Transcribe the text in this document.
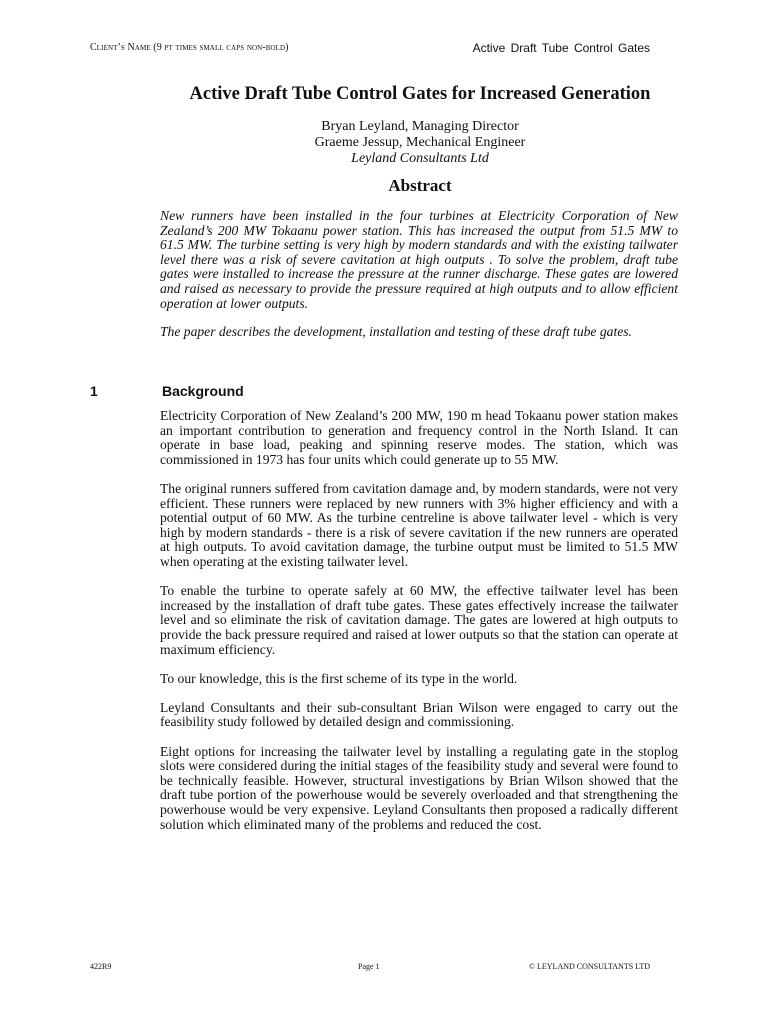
Client’s Name (9 pt times small caps non-bold)	Active Draft Tube Control Gates
Active Draft Tube Control Gates for Increased Generation
Bryan Leyland, Managing Director
Graeme Jessup, Mechanical Engineer
Leyland Consultants Ltd
Abstract

New runners have been installed in the four turbines at Electricity Corporation of New Zealand’s 200 MW Tokaanu power station. This has increased the output from 51.5 MW to 61.5 MW. The turbine setting is very high by modern standards and with the existing tailwater level there was a risk of severe cavitation at high outputs . To solve the problem, draft tube gates were installed to increase the pressure at the runner discharge. These gates are lowered and raised as necessary to provide the pressure required at high outputs and to allow efficient operation at lower outputs.

The paper describes the development, installation and testing of these draft tube gates.

1	Background

Electricity Corporation of New Zealand’s 200 MW, 190 m head Tokaanu power station makes an important contribution to generation and frequency control in the North Island. It can operate in base load, peaking and spinning reserve modes. The station, which was commissioned in 1973 has four units which could generate up to 55 MW.

The original runners suffered from cavitation damage and, by modern standards, were not very efficient. These runners were replaced by new runners with 3% higher efficiency and with a potential output of 60 MW. As the turbine centreline is above tailwater level - which is very high by modern standards - there is a risk of severe cavitation if the new runners are operated at high outputs. To avoid cavitation damage, the turbine output must be limited to 51.5 MW when operating at the existing tailwater level.

To enable the turbine to operate safely at 60 MW, the effective tailwater level has been increased by the installation of draft tube gates. These gates effectively increase the tailwater level and so eliminate the risk of cavitation damage. The gates are lowered at high outputs to provide the back pressure required and raised at lower outputs so that the station can operate at maximum efficiency.

To our knowledge, this is the first scheme of its type in the world.

Leyland Consultants and their sub-consultant Brian Wilson were engaged to carry out the feasibility study followed by detailed design and commissioning.

Eight options for increasing the tailwater level by installing a regulating gate in the stoplog slots were considered during the initial stages of the feasibility study and several were found to be technically feasible. However, structural investigations by Brian Wilson showed that the draft tube portion of the powerhouse would be severely overloaded and that strengthening the powerhouse would be very expensive. Leyland Consultants then proposed a radically different solution which eliminated many of the problems and reduced the cost.

422R9	Page 1	© LEYLAND CONSULTANTS LTD
